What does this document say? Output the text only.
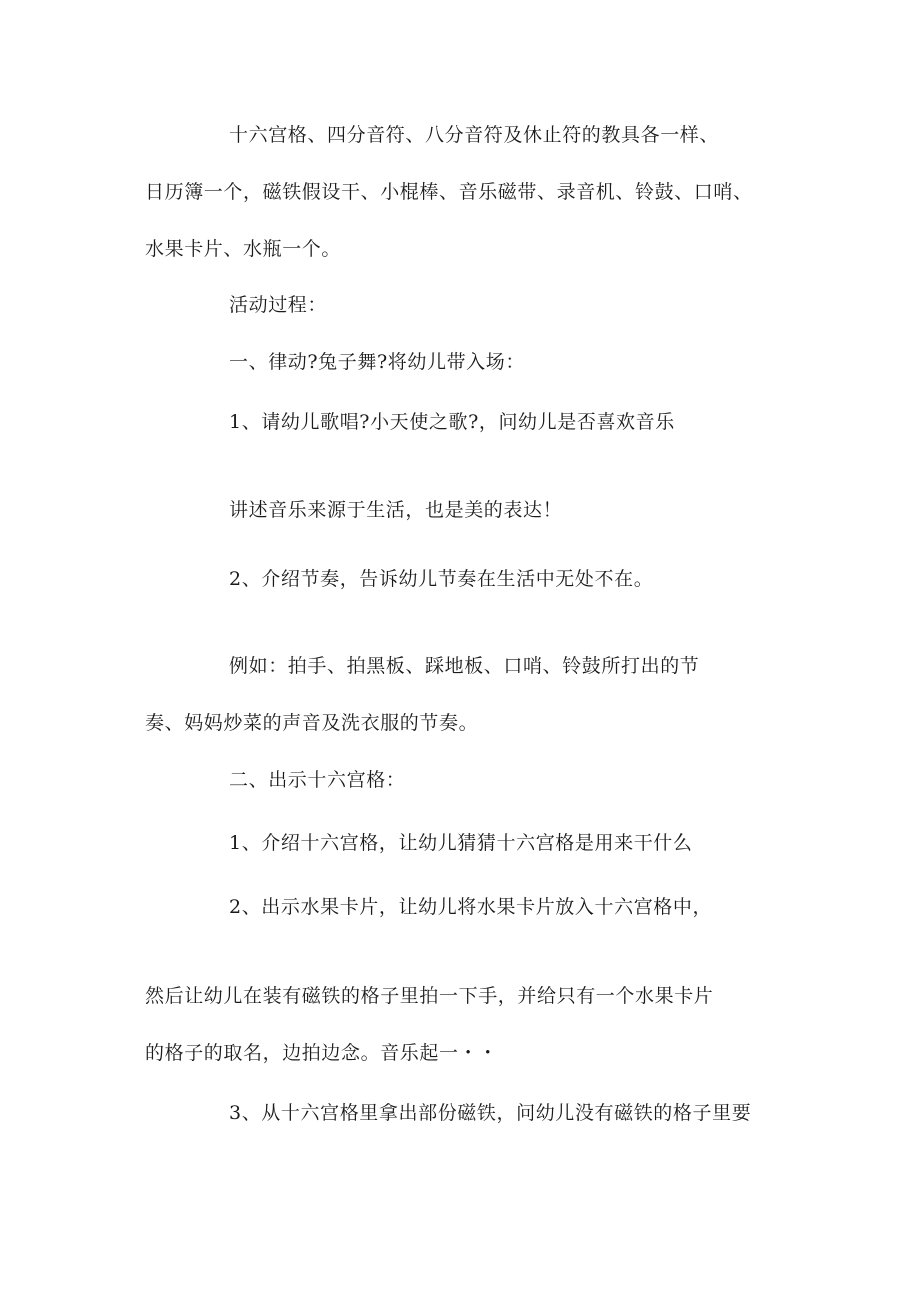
十六宫格、四分音符、八分音符及休止符的教具各一样、
日历簿一个，磁铁假设干、小棍棒、音乐磁带、录音机、铃鼓、口哨、
水果卡片、水瓶一个。
活动过程：
一、律动?兔子舞?将幼儿带入场：
1、请幼儿歌唱?小天使之歌?，问幼儿是否喜欢音乐
讲述音乐来源于生活，也是美的表达！
2、介绍节奏，告诉幼儿节奏在生活中无处不在。
例如：拍手、拍黑板、踩地板、口哨、铃鼓所打出的节
奏、妈妈炒菜的声音及洗衣服的节奏。
二、出示十六宫格：
1、介绍十六宫格，让幼儿猜猜十六宫格是用来干什么
2、出示水果卡片，让幼儿将水果卡片放入十六宫格中，
然后让幼儿在装有磁铁的格子里拍一下手，并给只有一个水果卡片
的格子的取名，边拍边念。音乐起一・・
3、从十六宫格里拿出部份磁铁，问幼儿没有磁铁的格子里要
